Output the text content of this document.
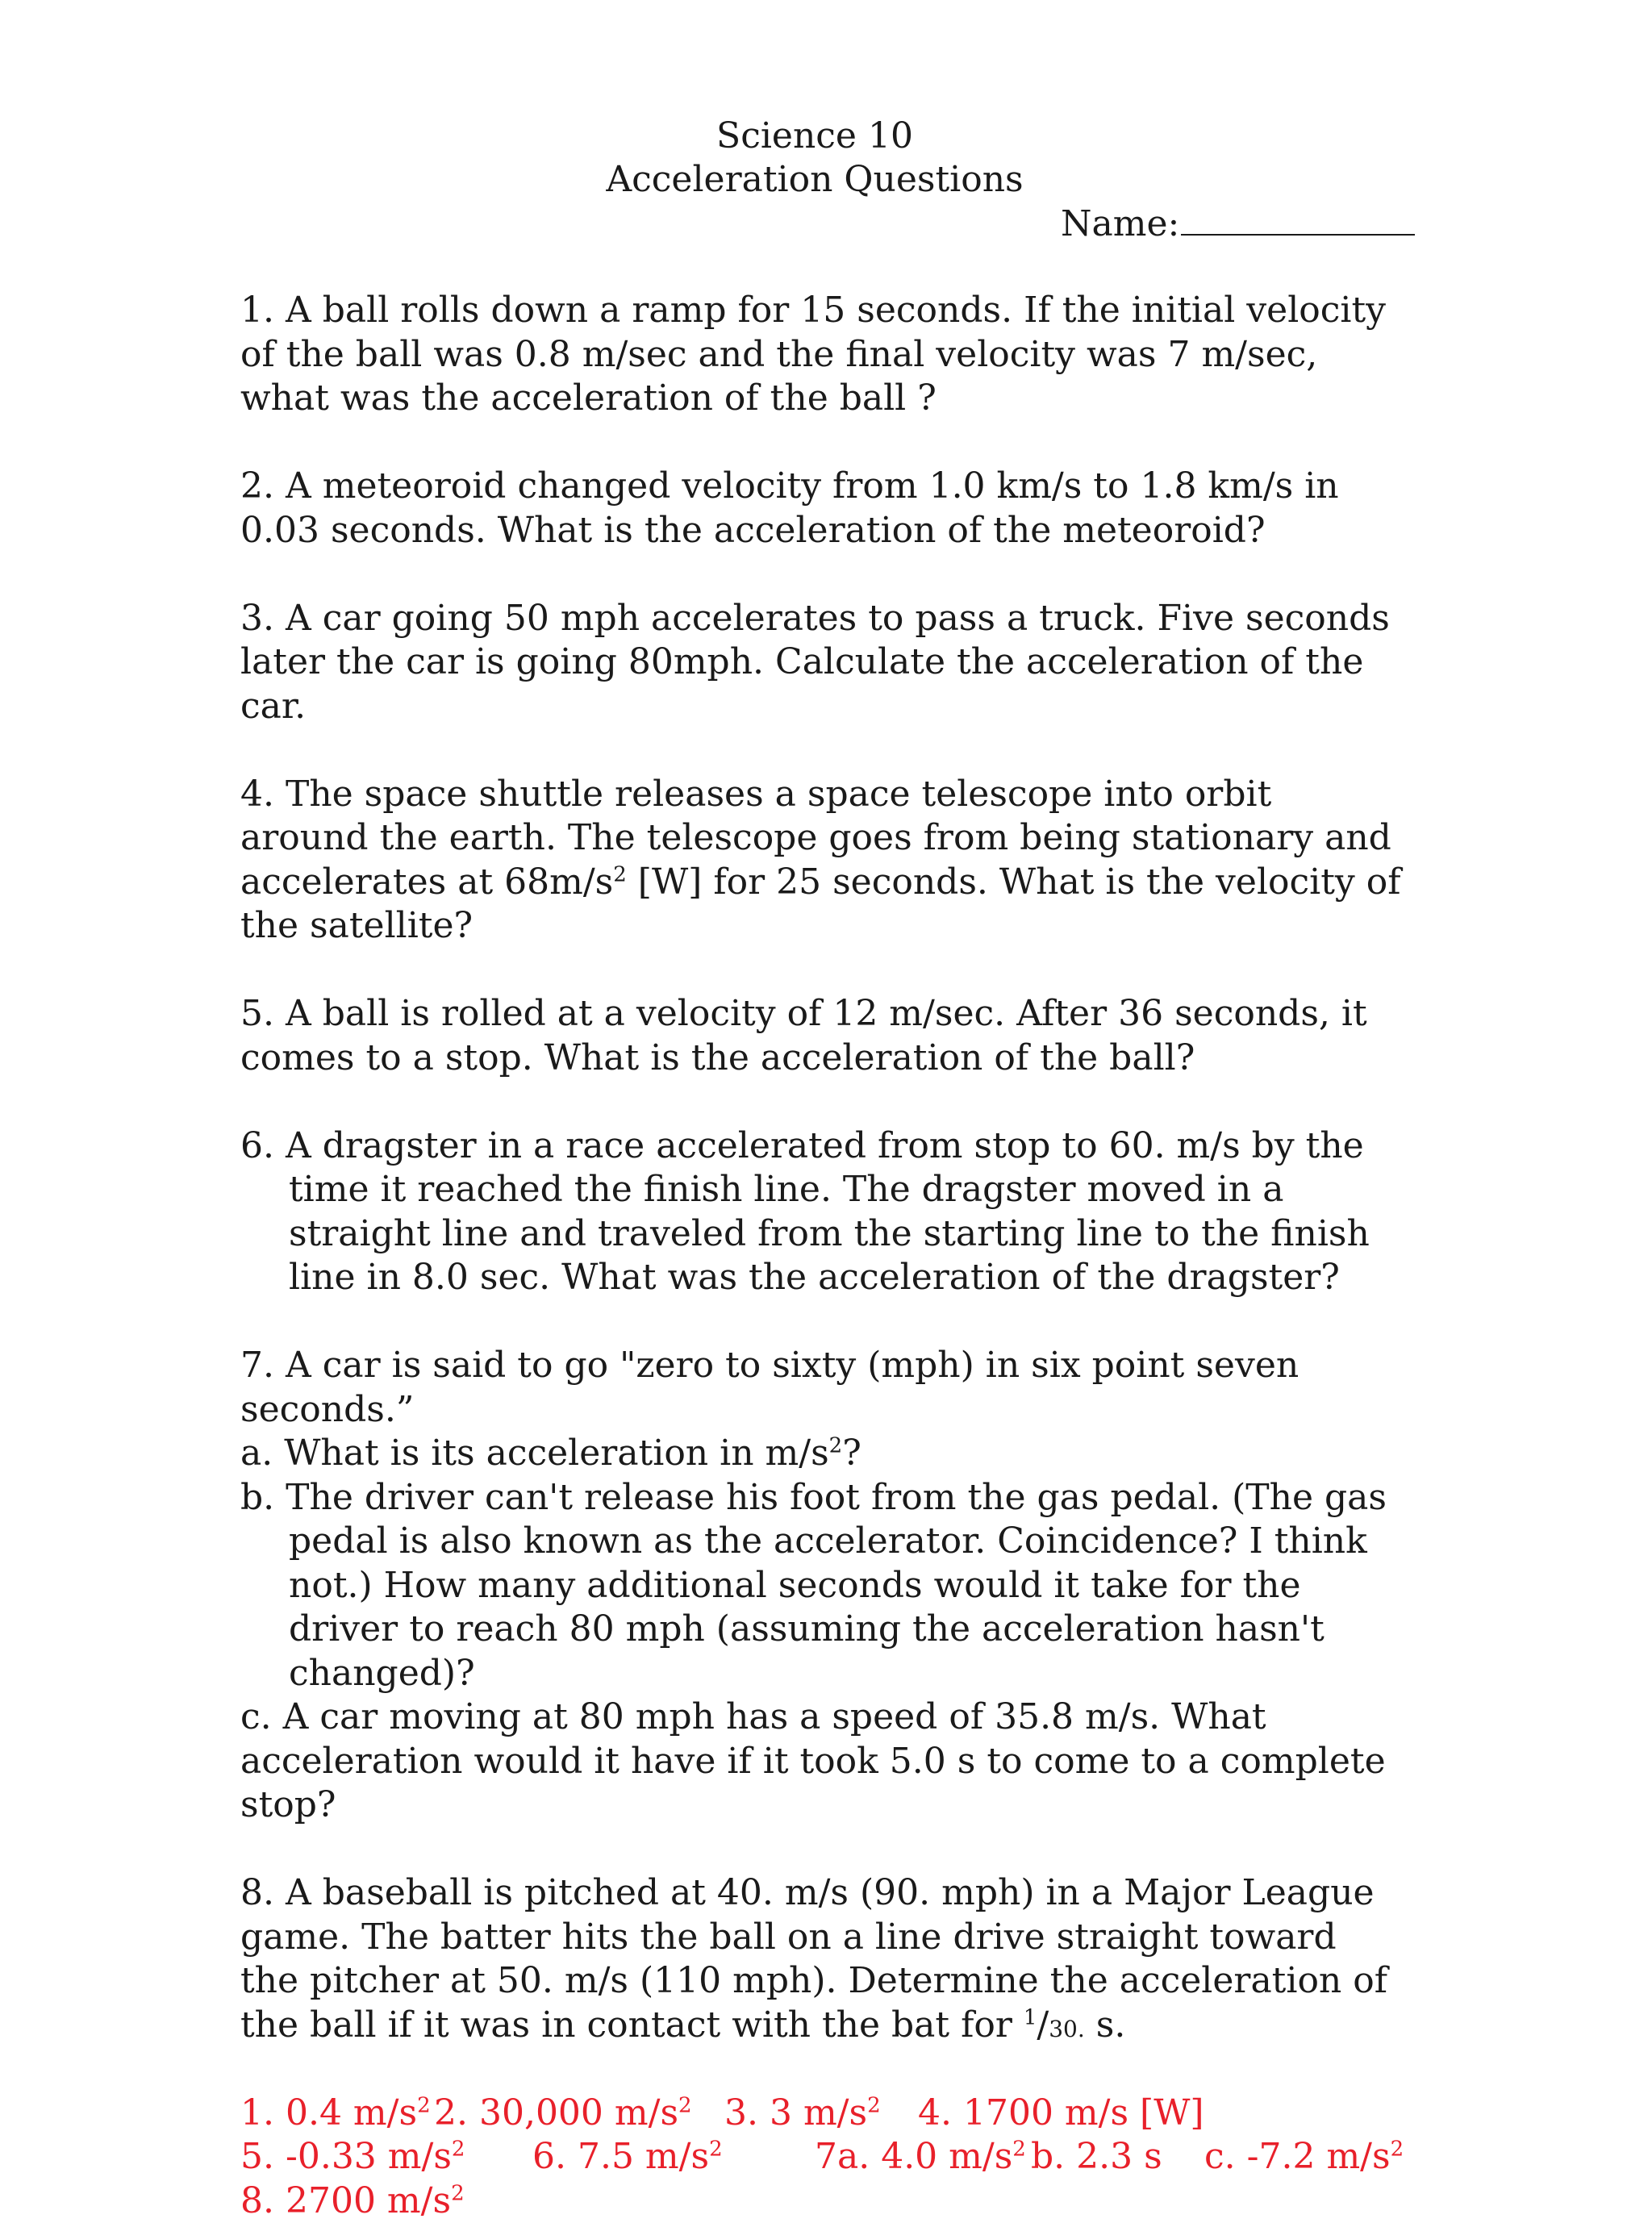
Science 10
Acceleration Questions
Name:

1. A ball rolls down a ramp for 15 seconds. If the initial velocity of the ball was 0.8 m/sec and the final velocity was 7 m/sec, what was the acceleration of the ball ?

2. A meteoroid changed velocity from 1.0 km/s to 1.8 km/s in 0.03 seconds. What is the acceleration of the meteoroid?

3. A car going 50 mph accelerates to pass a truck. Five seconds later the car is going 80mph. Calculate the acceleration of the car.

4. The space shuttle releases a space telescope into orbit around the earth. The telescope goes from being stationary and accelerates at $68m/s^2$ [W] for 25 seconds. What is the velocity of the satellite?

5. A ball is rolled at a velocity of 12 m/sec. After 36 seconds, it comes to a stop. What is the acceleration of the ball?

6. A dragster in a race accelerated from stop to 60. m/s by the time it reached the finish line. The dragster moved in a straight line and traveled from the starting line to the finish line in 8.0 sec. What was the acceleration of the dragster?

7. A car is said to go "zero to sixty (mph) in six point seven seconds.”

a. What is its acceleration in $m/s^2$?

b. The driver can't release his foot from the gas pedal. (The gas pedal is also known as the accelerator. Coincidence? I think not.) How many additional seconds would it take for the driver to reach 80 mph (assuming the acceleration hasn't changed)?

c. A car moving at 80 mph has a speed of 35.8 m/s. What acceleration would it have if it took 5.0 s to come to a complete stop?

8. A baseball is pitched at 40. m/s (90. mph) in a Major League game. The batter hits the ball on a line drive straight toward the pitcher at 50. m/s (110 mph). Determine the acceleration of the ball if it was in contact with the bat for $^1$/30. s.

1. 0.4 $m/s^2$ 2. 30,000 $m/s^2$ 3. 3 $m/s^2$ 4. 1700 m/s [W]
5. -0.33 $m/s^2$ 6. 7.5 $m/s^2$	7a. 4.0 $m/s^2$ b. 2.3 s c. -7.2 $m/s^2$
8. 2700 $m/s^2$
